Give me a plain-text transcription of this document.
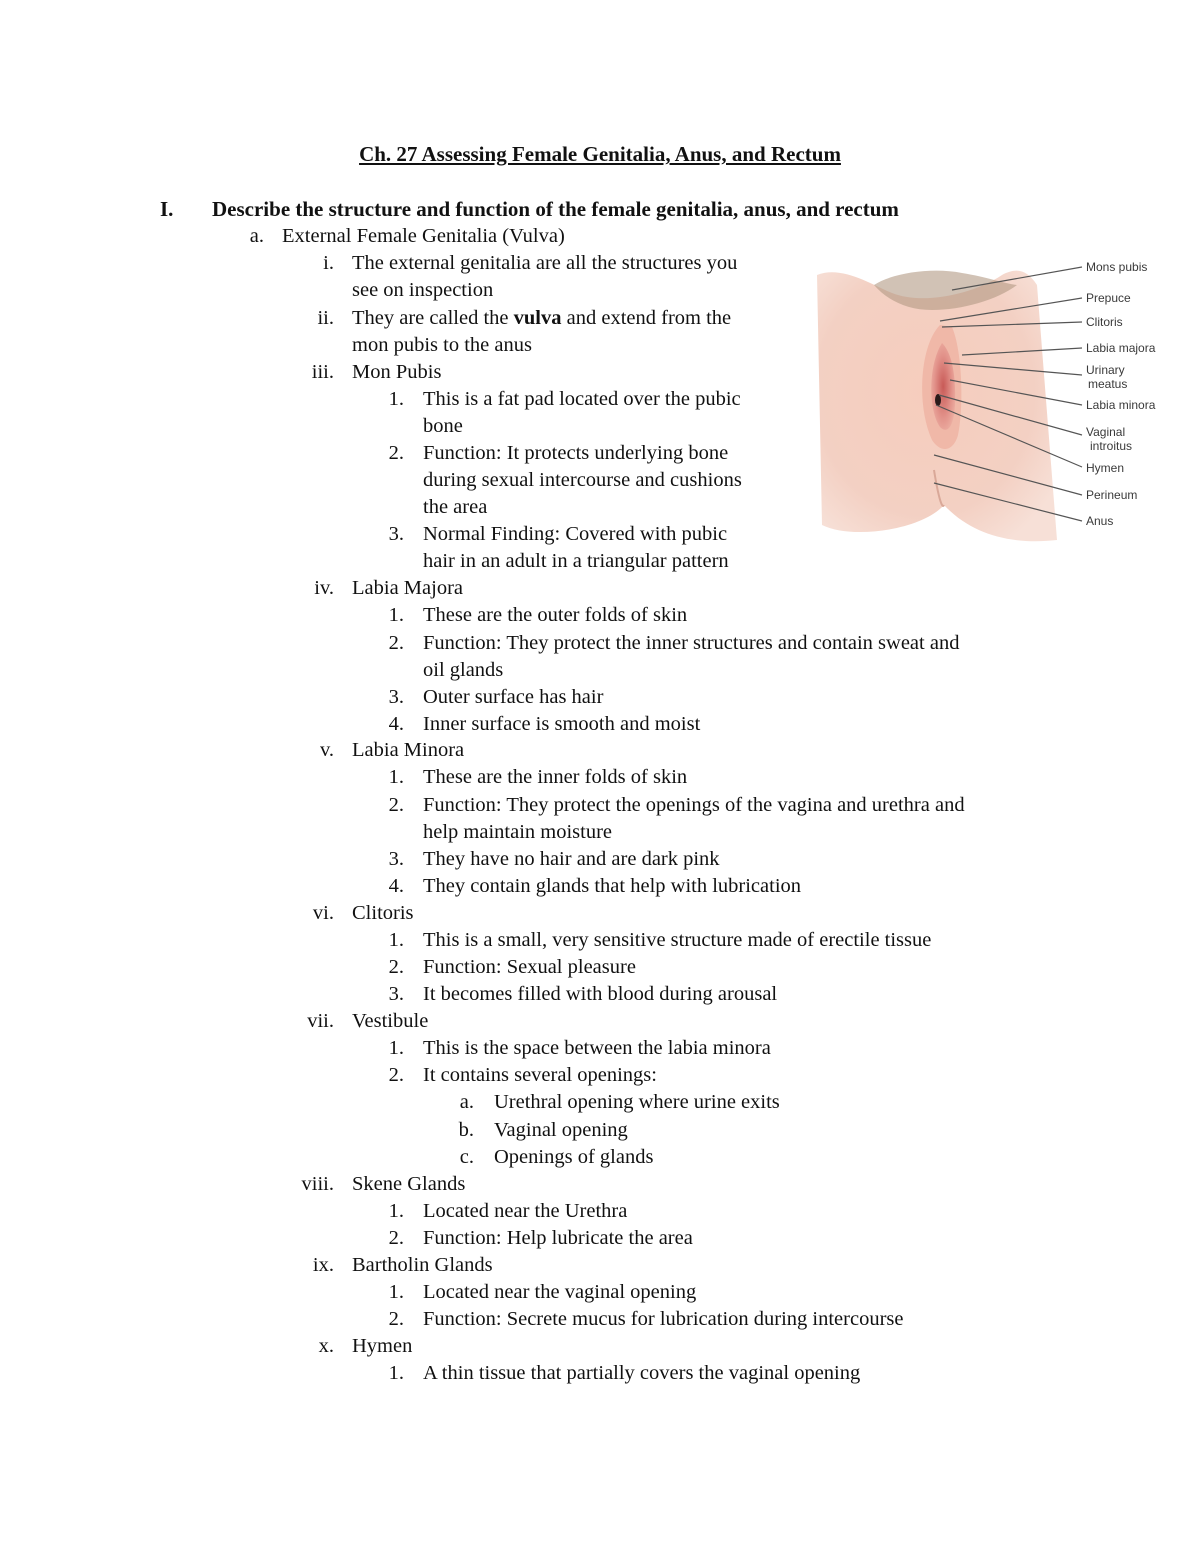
Ch. 27 Assessing Female Genitalia, Anus, and Rectum
I. Describe the structure and function of the female genitalia, anus, and rectum
a. External Female Genitalia (Vulva)
i. The external genitalia are all the structures you
see on inspection
ii. They are called the vulva and extend from the
mon pubis to the anus
iii. Mon Pubis
1. This is a fat pad located over the pubic
bone
2. Function: It protects underlying bone
during sexual intercourse and cushions
the area
3. Normal Finding: Covered with pubic
hair in an adult in a triangular pattern
iv. Labia Majora
1. These are the outer folds of skin
2. Function: They protect the inner structures and contain sweat and
oil glands
3. Outer surface has hair
4. Inner surface is smooth and moist
v. Labia Minora
1. These are the inner folds of skin
2. Function: They protect the openings of the vagina and urethra and
help maintain moisture
3. They have no hair and are dark pink
4. They contain glands that help with lubrication
vi. Clitoris
1. This is a small, very sensitive structure made of erectile tissue
2. Function: Sexual pleasure
3. It becomes filled with blood during arousal
vii. Vestibule
1. This is the space between the labia minora
2. It contains several openings:
a. Urethral opening where urine exits
b. Vaginal opening
c. Openings of glands
viii. Skene Glands
1. Located near the Urethra
2. Function: Help lubricate the area
ix. Bartholin Glands
1. Located near the vaginal opening
2. Function: Secrete mucus for lubrication during intercourse
x. Hymen
1. A thin tissue that partially covers the vaginal opening
Mons pubis
Prepuce
Clitoris
Labia majora
Urinary
meatus
Labia minora
Vaginal
introitus
Hymen
Perineum
Anus
